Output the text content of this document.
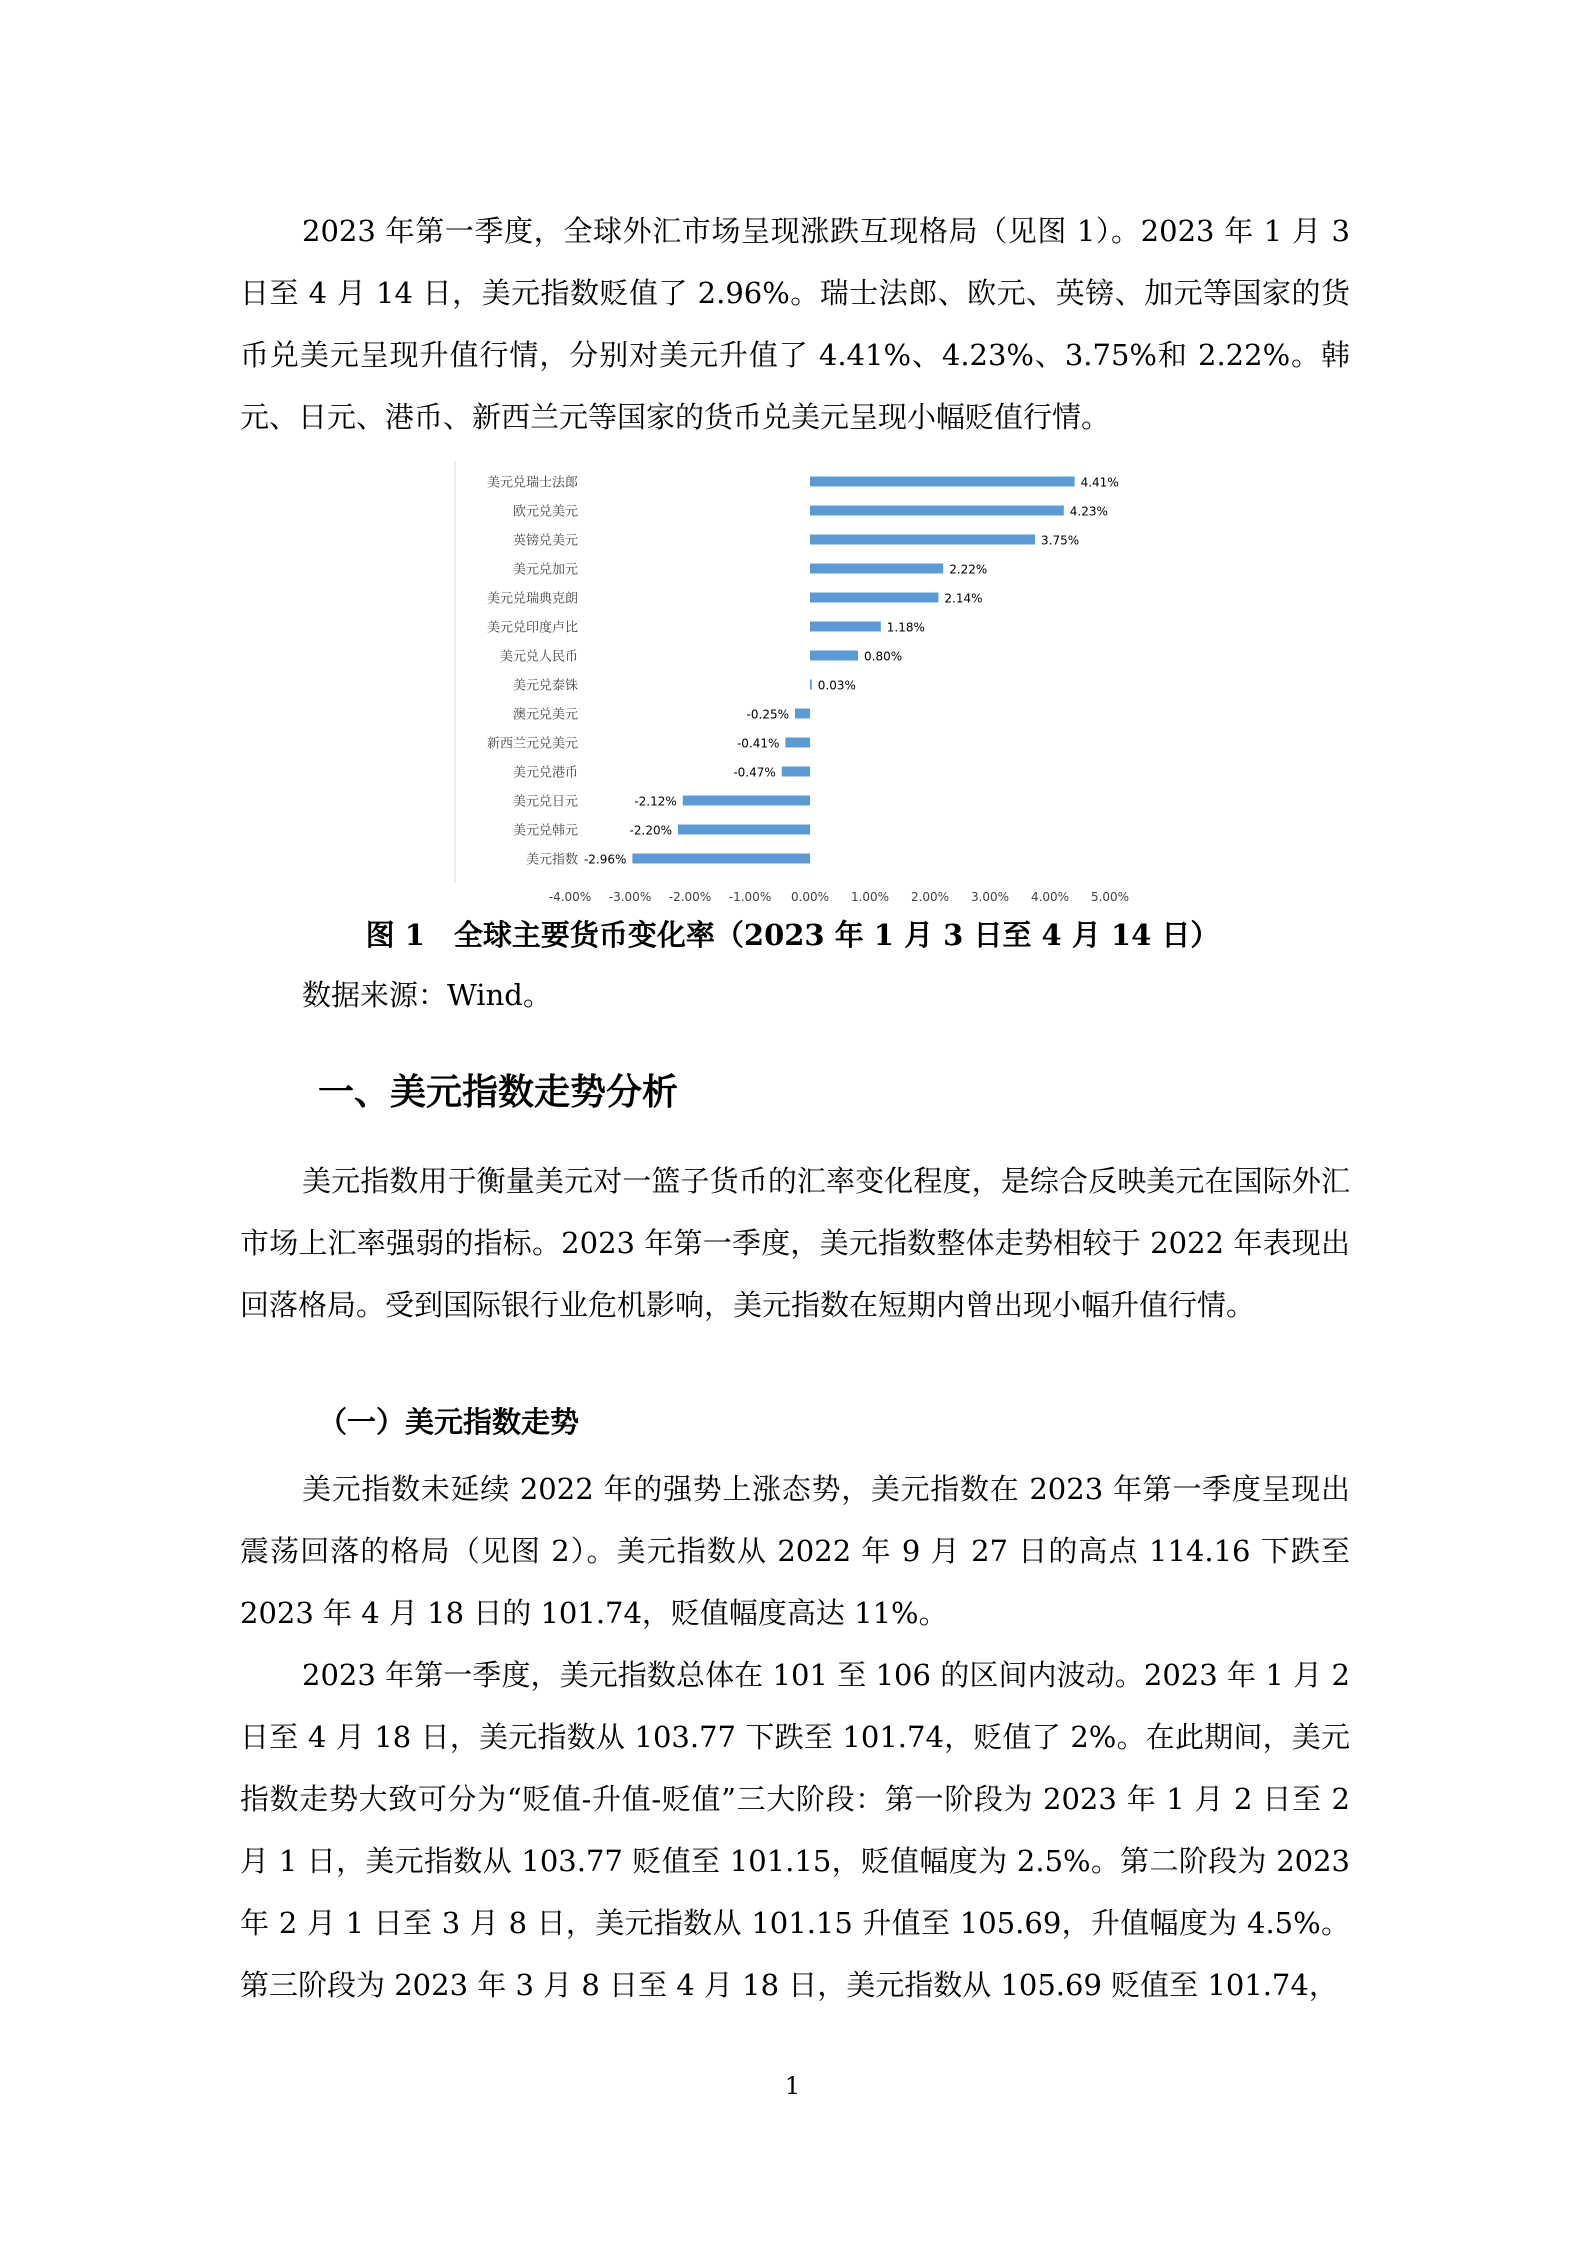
2023 年第一季度，全球外汇市场呈现涨跌互现格局（见图 1）。2023 年 1 月 3 日至 4 月 14 日，美元指数贬值了 2.96%。瑞士法郎、欧元、英镑、加元等国家的货币兑美元呈现升值行情，分别对美元升值了 4.41%、4.23%、3.75%和 2.22%。韩元、日元、港币、新西兰元等国家的货币兑美元呈现小幅贬值行情。

美元兑瑞士法郎	4.41%
欧元兑美元	4.23%
英镑兑美元	3.75%
美元兑加元	2.22%
美元兑瑞典克朗	2.14%
美元兑印度卢比	1.18%
美元兑人民币	0.80%
美元兑泰铢	0.03%
澳元兑美元	-0.25%
新西兰元兑美元	-0.41%
美元兑港币	-0.47%
美元兑日元	-2.12%
美元兑韩元	-2.20%
美元指数 -2.96%
-4.00% -3.00% -2.00% -1.00% 0.00% 1.00% 2.00% 3.00% 4.00% 5.00%

图 1　全球主要货币变化率（2023 年 1 月 3 日至 4 月 14 日）

数据来源：Wind。

一、美元指数走势分析

美元指数用于衡量美元对一篮子货币的汇率变化程度，是综合反映美元在国际外汇市场上汇率强弱的指标。2023 年第一季度，美元指数整体走势相较于 2022 年表现出回落格局。受到国际银行业危机影响，美元指数在短期内曾出现小幅升值行情。

（一）美元指数走势

美元指数未延续 2022 年的强势上涨态势，美元指数在 2023 年第一季度呈现出震荡回落的格局（见图 2）。美元指数从 2022 年 9 月 27 日的高点 114.16 下跌至 2023 年 4 月 18 日的 101.74，贬值幅度高达 11%。

2023 年第一季度，美元指数总体在 101 至 106 的区间内波动。2023 年 1 月 2 日至 4 月 18 日，美元指数从 103.77 下跌至 101.74，贬值了 2%。在此期间，美元指数走势大致可分为“贬值-升值-贬值”三大阶段：第一阶段为 2023 年 1 月 2 日至 2 月 1 日，美元指数从 103.77 贬值至 101.15，贬值幅度为 2.5%。第二阶段为 2023 年 2 月 1 日至 3 月 8 日，美元指数从 101.15 升值至 105.69，升值幅度为 4.5%。第三阶段为 2023 年 3 月 8 日至 4 月 18 日，美元指数从 105.69 贬值至 101.74，

1
